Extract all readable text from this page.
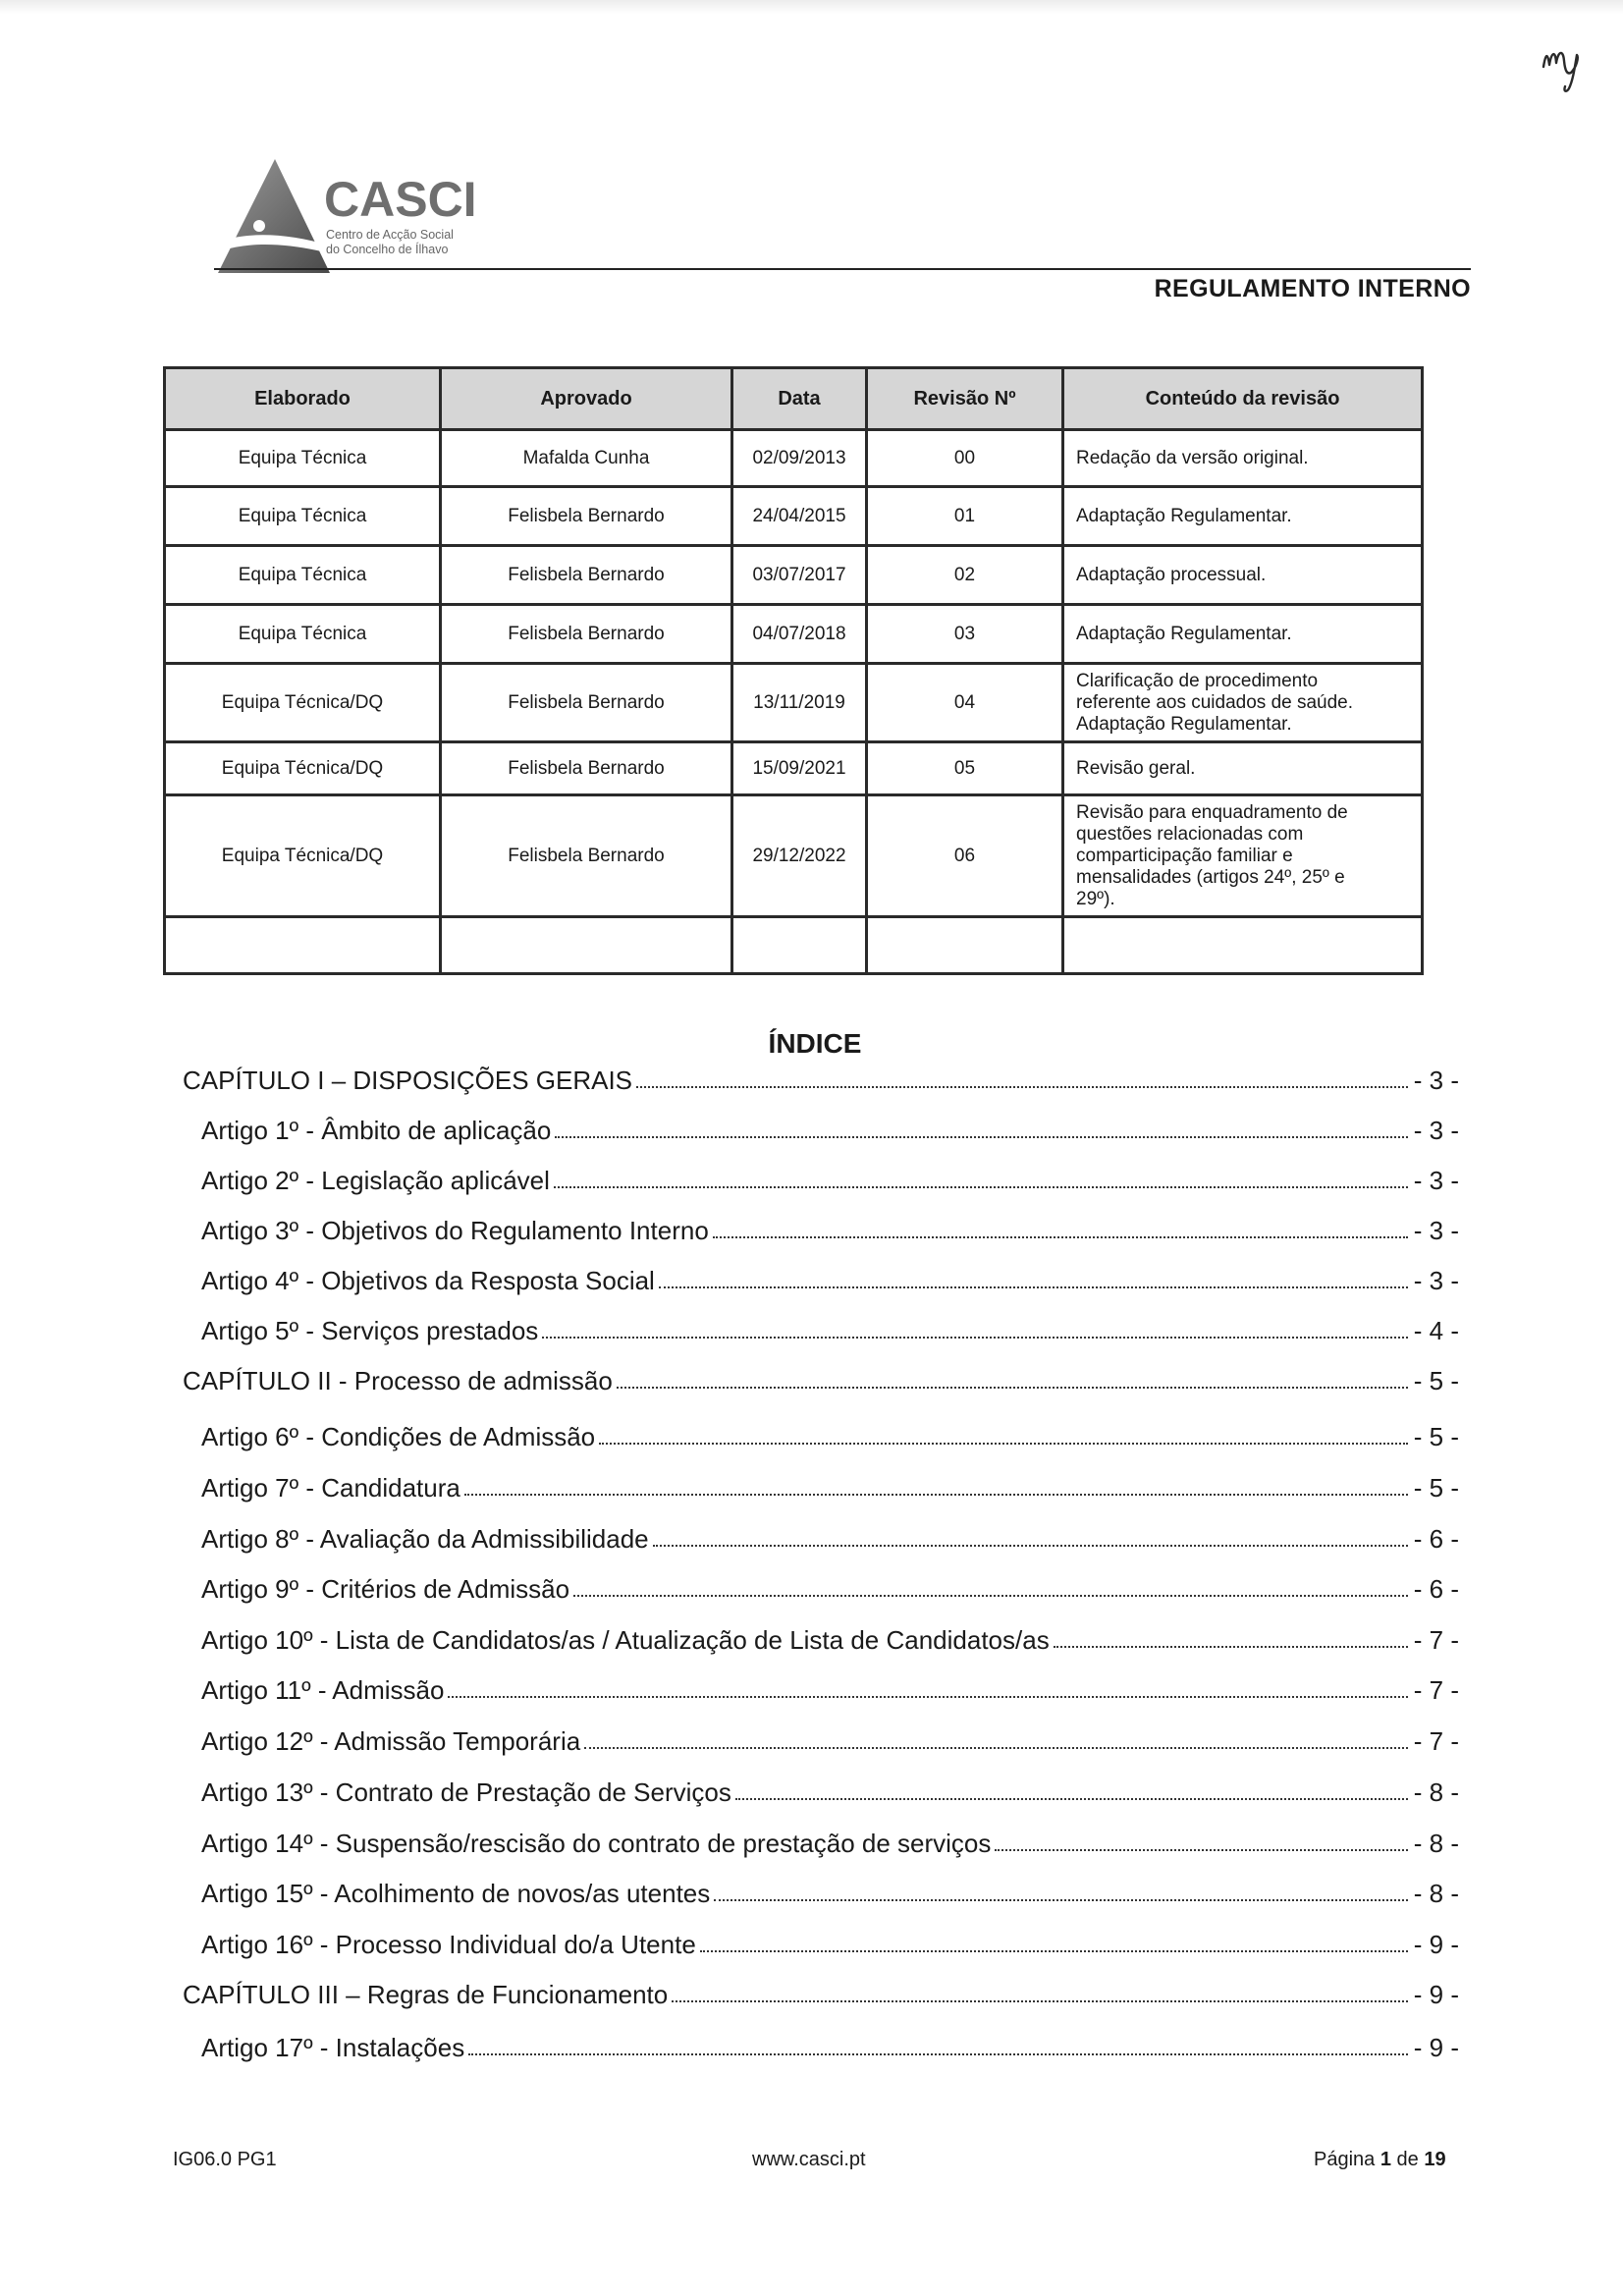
CASCI
Centro de Acção Social
do Concelho de Ílhavo
REGULAMENTO INTERNO
Elaborado	Aprovado	Data	Revisão Nº	Conteúdo da revisão
Equipa Técnica	Mafalda Cunha	02/09/2013	00	Redação da versão original.

Equipa Técnica	Felisbela Bernardo	24/04/2015	01	Adaptação Regulamentar.

Equipa Técnica	Felisbela Bernardo	03/07/2017	02	Adaptação processual.

Equipa Técnica	Felisbela Bernardo	04/07/2018	03	Adaptação Regulamentar.

Equipa Técnica/DQ	Felisbela Bernardo	13/11/2019	04	Clarificação de procedimento
referente aos cuidados de saúde.
Adaptação Regulamentar.

Equipa Técnica/DQ	Felisbela Bernardo	15/09/2021	05	Revisão geral.

Equipa Técnica/DQ	Felisbela Bernardo	29/12/2022	06	Revisão para enquadramento de
questões relacionadas com
comparticipação familiar e
mensalidades (artigos 24º, 25º e
29º).

ÍNDICE
CAPÍTULO I – DISPOSIÇÕES GERAIS	- 3 -
Artigo 1º - Âmbito de aplicação	- 3 -
Artigo 2º - Legislação aplicável	- 3 -
Artigo 3º - Objetivos do Regulamento Interno	- 3 -
Artigo 4º - Objetivos da Resposta Social	- 3 -
Artigo 5º - Serviços prestados	- 4 -
CAPÍTULO II - Processo de admissão	- 5 -
Artigo 6º - Condições de Admissão	- 5 -
Artigo 7º - Candidatura	- 5 -
Artigo 8º - Avaliação da Admissibilidade	- 6 -
Artigo 9º - Critérios de Admissão	- 6 -
Artigo 10º - Lista de Candidatos/as / Atualização de Lista de Candidatos/as	- 7 -
Artigo 11º - Admissão	- 7 -
Artigo 12º - Admissão Temporária	- 7 -
Artigo 13º - Contrato de Prestação de Serviços	- 8 -
Artigo 14º - Suspensão/rescisão do contrato de prestação de serviços	- 8 -
Artigo 15º - Acolhimento de novos/as utentes	- 8 -
Artigo 16º - Processo Individual do/a Utente	- 9 -
CAPÍTULO III – Regras de Funcionamento	- 9 -
Artigo 17º - Instalações	- 9 -
IG06.0 PG1	www.casci.pt	Página 1 de 19
